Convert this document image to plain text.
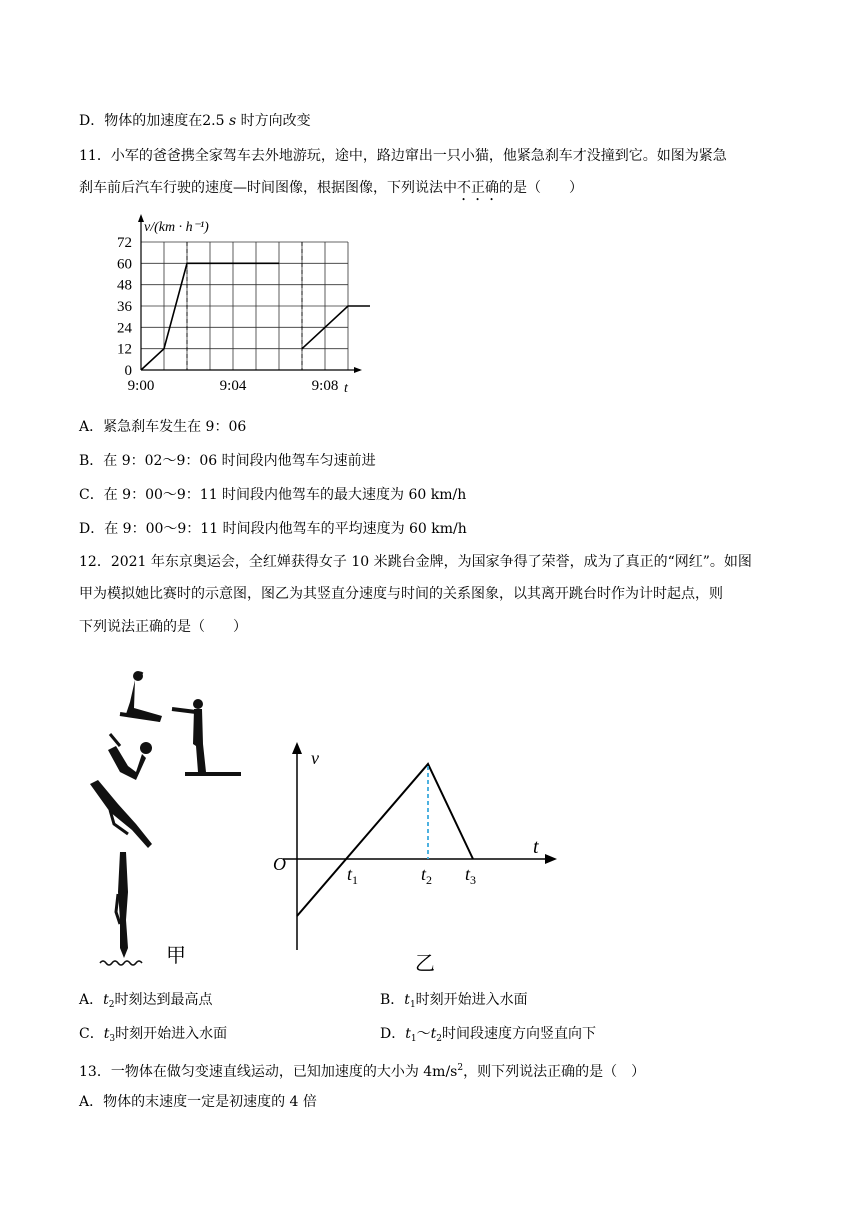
D．物体的加速度在2.5 s 时方向改变
11．小军的爸爸携全家驾车去外地游玩，途中，路边窜出一只小猫，他紧急刹车才没撞到它。如图为紧急
刹车前后汽车行驶的速度—时间图像，根据图像，下列说法中不正确的是（　　）
72
60
48
36
24
12
0
9:00	9:04	9:08
v/(km · h⁻¹)
t
A．紧急刹车发生在 9：06
B．在 9：02～9：06 时间段内他驾车匀速前进
C．在 9：00～9：11 时间段内他驾车的最大速度为 60 km/h
D．在 9：00～9：11 时间段内他驾车的平均速度为 60 km/h
12．2021 年东京奥运会，全红婵获得女子 10 米跳台金牌，为国家争得了荣誉，成为了真正的“网红”。如图
甲为模拟她比赛时的示意图，图乙为其竖直分速度与时间的关系图象，以其离开跳台时作为计时起点，则
下列说法正确的是（　　）
甲
v
t
O	$t_1$	$t_2$ $t_3$
乙
A．$t_2$时刻达到最高点	B．$t_1$时刻开始进入水面
C．$t_3$时刻开始进入水面	D．$t_1\sim t_2$时间段速度方向竖直向下
13．一物体在做匀变速直线运动，已知加速度的大小为 $4m/s^2$，则下列说法正确的是（　）
A．物体的末速度一定是初速度的 4 倍
